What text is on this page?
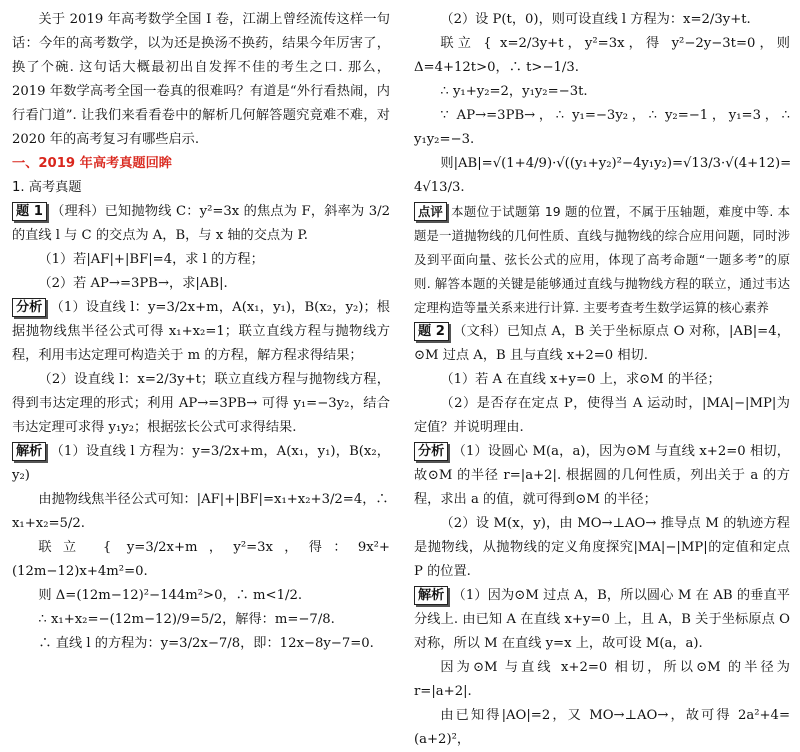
关于 2019 年高考数学全国 I 卷，江湖上曾经流传这样一句话：今年的高考数学，以为还是换汤不换药，结果今年厉害了，换了个碗. 这句话大概最初出自发挥不佳的考生之口. 那么，2019 年数学高考全国一卷真的很难吗？有道是“外行看热闹，内行看门道”. 让我们来看看卷中的解析几何解答题究竟难不难，对 2020 年的高考复习有哪些启示.

一、2019 年高考真题回眸

1. 高考真题

题 1 （理科）已知抛物线 C：y²=3x 的焦点为 F，斜率为 3/2 的直线 l 与 C 的交点为 A，B，与 x 轴的交点为 P.

（1）若|AF|+|BF|=4，求 l 的方程；

（2）若 AP→=3PB→，求|AB|.

分析 （1）设直线 l：y=3/2x+m，A(x₁，y₁)，B(x₂，y₂)；根据抛物线焦半径公式可得 x₁+x₂=1；联立直线方程与抛物线方程，利用韦达定理可构造关于 m 的方程，解方程求得结果；

（2）设直线 l：x=2/3y+t；联立直线方程与抛物线方程，得到韦达定理的形式；利用 AP→=3PB→ 可得 y₁=−3y₂，结合韦达定理可求得 y₁y₂；根据弦长公式可求得结果.

解析 （1）设直线 l 方程为：y=3/2x+m，A(x₁，y₁)，B(x₂，y₂)

由抛物线焦半径公式可知：|AF|+|BF|=x₁+x₂+3/2=4，∴

x₁+x₂=5/2.

联立 { y=3/2x+m，y²=3x，得：9x²+(12m−12)x+4m²=0.

则 Δ=(12m−12)²−144m²>0，∴ m<1/2.

∴ x₁+x₂=−(12m−12)/9=5/2，解得：m=−7/8.

∴ 直线 l 的方程为：y=3/2x−7/8，即：12x−8y−7=0.

（2）设 P(t，0)，则可设直线 l 方程为：x=2/3y+t.

联立 { x=2/3y+t，y²=3x，得 y²−2y−3t=0，则 Δ=4+12t>0，∴ t>−1/3.

∴ y₁+y₂=2，y₁y₂=−3t.

∵ AP→=3PB→，∴ y₁=−3y₂，∴ y₂=−1，y₁=3，∴ y₁y₂=−3.

则|AB|=√(1+4/9)·√((y₁+y₂)²−4y₁y₂)=√13/3·√(4+12)=

4√13/3.

点评 本题位于试题第 19 题的位置，不属于压轴题，难度中等. 本题是一道抛物线的几何性质、直线与抛物线的综合应用问题，同时涉及到平面向量、弦长公式的应用，体现了高考命题“一题多考”的原则. 解答本题的关键是能够通过直线与抛物线方程的联立，通过韦达定理构造等量关系来进行计算. 主要考查考生数学运算的核心素养

题 2 （文科）已知点 A，B 关于坐标原点 O 对称，|AB|=4，⊙M 过点 A，B 且与直线 x+2=0 相切.

（1）若 A 在直线 x+y=0 上，求⊙M 的半径；

（2）是否存在定点 P，使得当 A 运动时，|MA|−|MP|为定值？并说明理由.

分析 （1）设圆心 M(a，a)，因为⊙M 与直线 x+2=0 相切，故⊙M 的半径 r=|a+2|. 根据圆的几何性质，列出关于 a 的方程，求出 a 的值，就可得到⊙M 的半径；

（2）设 M(x，y)，由 MO→⊥AO→ 推导点 M 的轨迹方程是抛物线，从抛物线的定义角度探究|MA|−|MP|的定值和定点 P 的位置.

解析 （1）因为⊙M 过点 A，B，所以圆心 M 在 AB 的垂直平分线上. 由已知 A 在直线 x+y=0 上，且 A，B 关于坐标原点 O 对称，所以 M 在直线 y=x 上，故可设 M(a，a).

因为⊙M 与直线 x+2=0 相切，所以⊙M 的半径为 r=|a+2|.

由已知得|AO|=2，又 MO→⊥AO→，故可得 2a²+4=(a+2)²，
